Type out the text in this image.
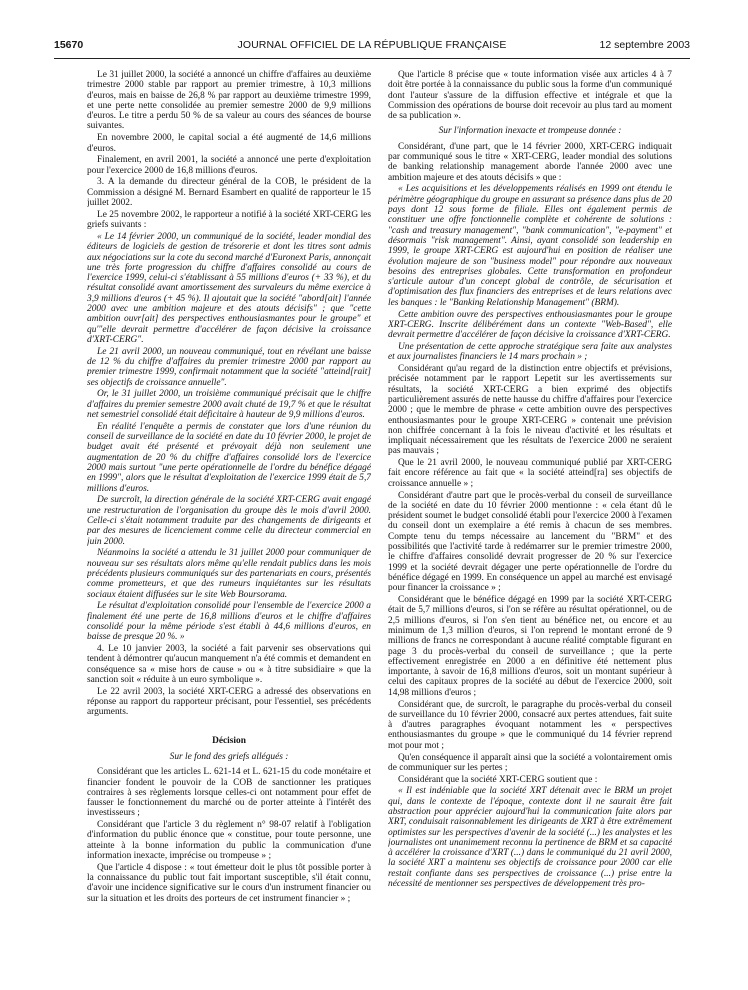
15670	JOURNAL OFFICIEL DE LA RÉPUBLIQUE FRANÇAISE	12 septembre 2003

Le 31 juillet 2000, la société a annoncé un chiffre d'affaires au deuxième trimestre 2000 stable par rapport au premier trimestre, à 10,3 millions d'euros, mais en baisse de 26,8 % par rapport au deuxième trimestre 1999, et une perte nette consolidée au premier semestre 2000 de 9,9 millions d'euros. Le titre a perdu 50 % de sa valeur au cours des séances de bourse suivantes.

En novembre 2000, le capital social a été augmenté de 14,6 millions d'euros.

Finalement, en avril 2001, la société a annoncé une perte d'exploitation pour l'exercice 2000 de 16,8 millions d'euros.

3. A la demande du directeur général de la COB, le président de la Commission a désigné M. Bernard Esambert en qualité de rapporteur le 15 juillet 2002.

Le 25 novembre 2002, le rapporteur a notifié à la société XRT-CERG les griefs suivants :

« Le 14 février 2000, un communiqué de la société, leader mondial des éditeurs de logiciels de gestion de trésorerie et dont les titres sont admis aux négociations sur la cote du second marché d'Euronext Paris, annonçait une très forte progression du chiffre d'affaires consolidé au cours de l'exercice 1999, celui-ci s'établissant à 55 millions d'euros (+ 33 %), et du résultat consolidé avant amortissement des survaleurs du même exercice à 3,9 millions d'euros (+ 45 %). Il ajoutait que la société "abord[ait] l'année 2000 avec une ambition majeure et des atouts décisifs" ; que "cette ambition ouvr[ait] des perspectives enthousiasmantes pour le groupe" et qu'"elle devrait permettre d'accélérer de façon décisive la croissance d'XRT-CERG".

Le 21 avril 2000, un nouveau communiqué, tout en révélant une baisse de 12 % du chiffre d'affaires du premier trimestre 2000 par rapport au premier trimestre 1999, confirmait notamment que la société "atteind[rait] ses objectifs de croissance annuelle".

Or, le 31 juillet 2000, un troisième communiqué précisait que le chiffre d'affaires du premier semestre 2000 avait chuté de 19,7 % et que le résultat net semestriel consolidé était déficitaire à hauteur de 9,9 millions d'euros.

En réalité l'enquête a permis de constater que lors d'une réunion du conseil de surveillance de la société en date du 10 février 2000, le projet de budget avait été présenté et prévoyait déjà non seulement une augmentation de 20 % du chiffre d'affaires consolidé lors de l'exercice 2000 mais surtout "une perte opérationnelle de l'ordre du bénéfice dégagé en 1999", alors que le résultat d'exploitation de l'exercice 1999 était de 5,7 millions d'euros.

De surcroît, la direction générale de la société XRT-CERG avait engagé une restructuration de l'organisation du groupe dès le mois d'avril 2000. Celle-ci s'était notamment traduite par des changements de dirigeants et par des mesures de licenciement comme celle du directeur commercial en juin 2000.

Néanmoins la société a attendu le 31 juillet 2000 pour communiquer de nouveau sur ses résultats alors même qu'elle rendait publics dans les mois précédents plusieurs communiqués sur des partenariats en cours, présentés comme prometteurs, et que des rumeurs inquiétantes sur les résultats sociaux étaient diffusées sur le site Web Boursorama.

Le résultat d'exploitation consolidé pour l'ensemble de l'exercice 2000 a finalement été une perte de 16,8 millions d'euros et le chiffre d'affaires consolidé pour la même période s'est établi à 44,6 millions d'euros, en baisse de presque 20 %. »

4. Le 10 janvier 2003, la société a fait parvenir ses observations qui tendent à démontrer qu'aucun manquement n'a été commis et demandent en conséquence sa « mise hors de cause » ou « à titre subsidiaire » que la sanction soit « réduite à un euro symbolique ».

Le 22 avril 2003, la société XRT-CERG a adressé des observations en réponse au rapport du rapporteur précisant, pour l'essentiel, ses précédents arguments.

Décision

Sur le fond des griefs allégués :

Considérant que les articles L. 621-14 et L. 621-15 du code monétaire et financier fondent le pouvoir de la COB de sanctionner les pratiques contraires à ses règlements lorsque celles-ci ont notamment pour effet de fausser le fonctionnement du marché ou de porter atteinte à l'intérêt des investisseurs ;

Considérant que l'article 3 du règlement n° 98-07 relatif à l'obligation d'information du public énonce que « constitue, pour toute personne, une atteinte à la bonne information du public la communication d'une information inexacte, imprécise ou trompeuse » ;

Que l'article 4 dispose : « tout émetteur doit le plus tôt possible porter à la connaissance du public tout fait important susceptible, s'il était connu, d'avoir une incidence significative sur le cours d'un instrument financier ou sur la situation et les droits des porteurs de cet instrument financier » ;

Que l'article 8 précise que « toute information visée aux articles 4 à 7 doit être portée à la connaissance du public sous la forme d'un communiqué dont l'auteur s'assure de la diffusion effective et intégrale et que la Commission des opérations de bourse doit recevoir au plus tard au moment de sa publication ».

Sur l'information inexacte et trompeuse donnée :

Considérant, d'une part, que le 14 février 2000, XRT-CERG indiquait par communiqué sous le titre « XRT-CERG, leader mondial des solutions de banking relationship management aborde l'année 2000 avec une ambition majeure et des atouts décisifs » que :

« Les acquisitions et les développements réalisés en 1999 ont étendu le périmètre géographique du groupe en assurant sa présence dans plus de 20 pays dont 12 sous forme de filiale. Elles ont également permis de constituer une offre fonctionnelle complète et cohérente de solutions : "cash and treasury management", "bank communication", "e-payment" et désormais "risk management". Ainsi, ayant consolidé son leadership en 1999, le groupe XRT-CERG est aujourd'hui en position de réaliser une évolution majeure de son "business model" pour répondre aux nouveaux besoins des entreprises globales. Cette transformation en profondeur s'articule autour d'un concept global de contrôle, de sécurisation et d'optimisation des flux financiers des entreprises et de leurs relations avec les banques : le "Banking Relationship Management" (BRM).

Cette ambition ouvre des perspectives enthousiasmantes pour le groupe XRT-CERG. Inscrite délibérément dans un contexte "Web-Based", elle devrait permettre d'accélérer de façon décisive la croissance d'XRT-CERG.

Une présentation de cette approche stratégique sera faite aux analystes et aux journalistes financiers le 14 mars prochain » ;

Considérant qu'au regard de la distinction entre objectifs et prévisions, précisée notamment par le rapport Lepetit sur les avertissements sur résultats, la société XRT-CERG a bien exprimé des objectifs particulièrement assurés de nette hausse du chiffre d'affaires pour l'exercice 2000 ; que le membre de phrase « cette ambition ouvre des perspectives enthousiasmantes pour le groupe XRT-CERG » contenait une prévision non chiffrée concernant à la fois le niveau d'activité et les résultats et impliquait nécessairement que les résultats de l'exercice 2000 ne seraient pas mauvais ;

Que le 21 avril 2000, le nouveau communiqué publié par XRT-CERG fait encore référence au fait que « la société atteind[ra] ses objectifs de croissance annuelle » ;

Considérant d'autre part que le procès-verbal du conseil de surveillance de la société en date du 10 février 2000 mentionne : « cela étant dû le président soumet le budget consolidé établi pour l'exercice 2000 à l'examen du conseil dont un exemplaire a été remis à chacun de ses membres. Compte tenu du temps nécessaire au lancement du "BRM" et des possibilités que l'activité tarde à redémarrer sur le premier trimestre 2000, le chiffre d'affaires consolidé devrait progresser de 20 % sur l'exercice 1999 et la société devrait dégager une perte opérationnelle de l'ordre du bénéfice dégagé en 1999. En conséquence un appel au marché est envisagé pour financer la croissance » ;

Considérant que le bénéfice dégagé en 1999 par la société XRT-CERG était de 5,7 millions d'euros, si l'on se réfère au résultat opérationnel, ou de 2,5 millions d'euros, si l'on s'en tient au bénéfice net, ou encore et au minimum de 1,3 million d'euros, si l'on reprend le montant erroné de 9 millions de francs ne correspondant à aucune réalité comptable figurant en page 3 du procès-verbal du conseil de surveillance ; que la perte effectivement enregistrée en 2000 a en définitive été nettement plus importante, à savoir de 16,8 millions d'euros, soit un montant supérieur à celui des capitaux propres de la société au début de l'exercice 2000, soit 14,98 millions d'euros ;

Considérant que, de surcroît, le paragraphe du procès-verbal du conseil de surveillance du 10 février 2000, consacré aux pertes attendues, fait suite à d'autres paragraphes évoquant notamment les « perspectives enthousiasmantes du groupe » que le communiqué du 14 février reprend mot pour mot ;

Qu'en conséquence il apparaît ainsi que la société a volontairement omis de communiquer sur les pertes ;

Considérant que la société XRT-CERG soutient que :

« Il est indéniable que la société XRT détenait avec le BRM un projet qui, dans le contexte de l'époque, contexte dont il ne saurait être fait abstraction pour apprécier aujourd'hui la communication faite alors par XRT, conduisait raisonnablement les dirigeants de XRT à être extrêmement optimistes sur les perspectives d'avenir de la société (...) les analystes et les journalistes ont unanimement reconnu la pertinence de BRM et sa capacité à accélérer la croissance d'XRT (...) dans le communiqué du 21 avril 2000, la société XRT a maintenu ses objectifs de croissance pour 2000 car elle restait confiante dans ses perspectives de croissance (...) prise entre la nécessité de mentionner ses perspectives de développement très pro-
